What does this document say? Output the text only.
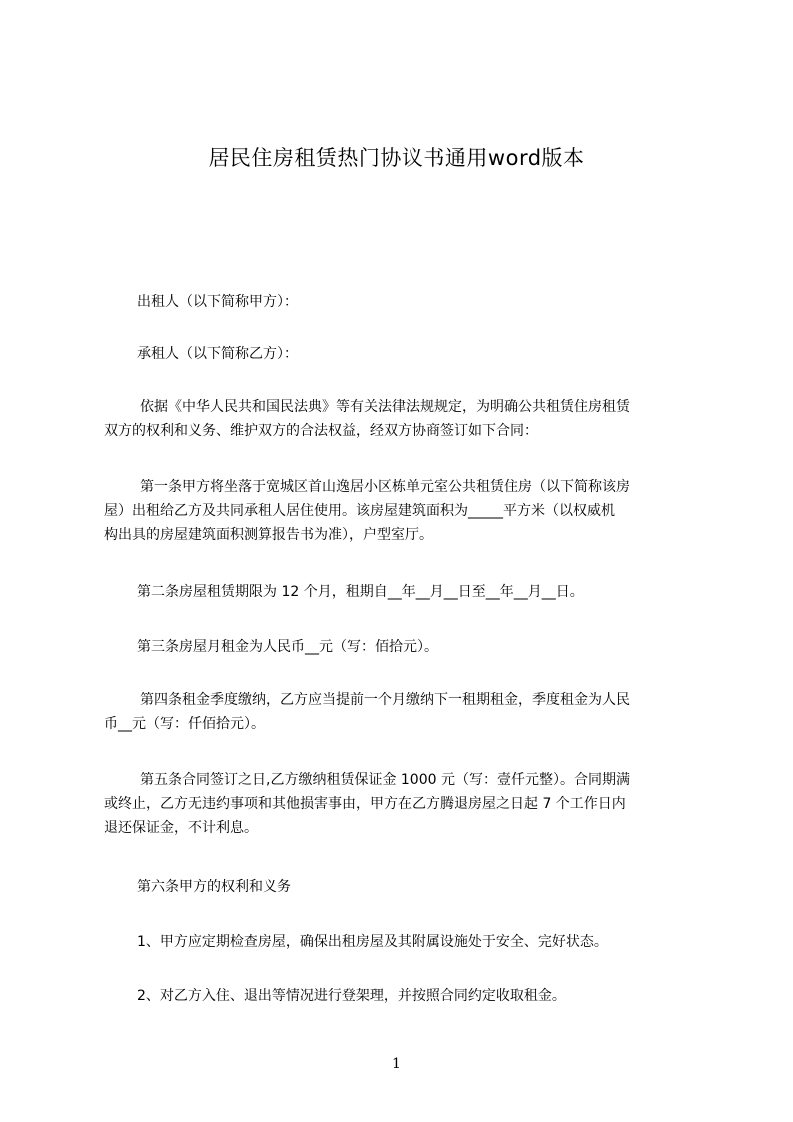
居民住房租赁热门协议书通用word版本
出租人（以下简称甲方）：
承租人（以下简称乙方）：
依据《中华人民共和国民法典》等有关法律法规规定，为明确公共租赁住房租赁
双方的权利和义务、维护双方的合法权益，经双方协商签订如下合同：
第一条甲方将坐落于宽城区首山逸居小区栋单元室公共租赁住房（以下简称该房
屋）出租给乙方及共同承租人居住使用。该房屋建筑面积为_____平方米（以权威机
构出具的房屋建筑面积测算报告书为准），户型室厅。
第二条房屋租赁期限为 12 个月，租期自__年__月__日至__年__月__日。
第三条房屋月租金为人民币__元（写：佰拾元）。
第四条租金季度缴纳，乙方应当提前一个月缴纳下一租期租金，季度租金为人民
币__元（写：仟佰拾元）。
第五条合同签订之日,乙方缴纳租赁保证金 1000 元（写：壹仟元整）。合同期满
或终止，乙方无违约事项和其他损害事由，甲方在乙方腾退房屋之日起 7 个工作日内
退还保证金，不计利息。
第六条甲方的权利和义务
1、甲方应定期检查房屋，确保出租房屋及其附属设施处于安全、完好状态。
2、对乙方入住、退出等情况进行登架理，并按照合同约定收取租金。
1
